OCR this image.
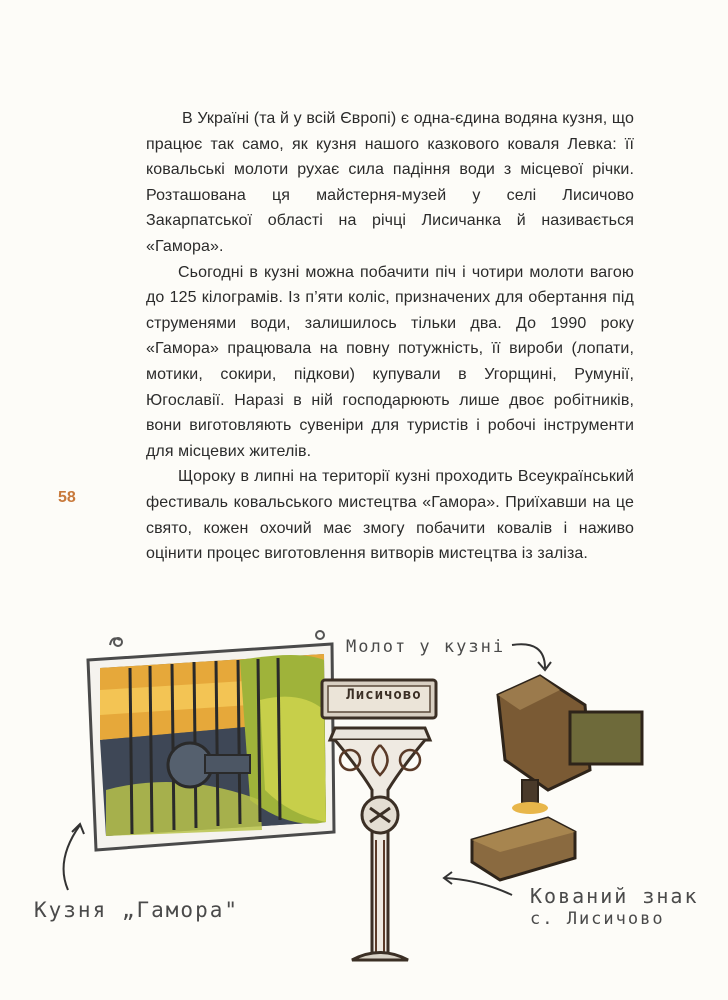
В Україні (та й у всій Європі) є одна-єдина водяна кузня, що працює так само, як кузня нашого казкового коваля Левка: її ковальські молоти рухає сила падіння води з місцевої річки. Розташована ця майстерня-музей у селі Лисичово Закарпатської області на річці Лисичанка й називається «Гамора».

Сьогодні в кузні можна побачити піч і чотири молоти вагою до 125 кілограмів. Із п’яти коліс, призначених для обертання під струменями води, залишилось тільки два. До 1990 року «Гамора» працювала на повну потужність, її вироби (лопати, мотики, сокири, підкови) купували в Угорщині, Румунії, Югославії. Наразі в ній господарюють лише двоє робітників, вони виготовляють сувеніри для туристів і робочі інструменти для місцевих жителів.

Щороку в липні на території кузні проходить Всеукраїнський фестиваль ковальського мистецтва «Гамора». Приїхавши на це свято, кожен охочий має змогу побачити ковалів і наживо оцінити процес виготовлення витворів мистецтва із заліза.

58
Лисичово
Кузня „Гамора"
Молот у кузні
Кований знак
с. Лисичово
